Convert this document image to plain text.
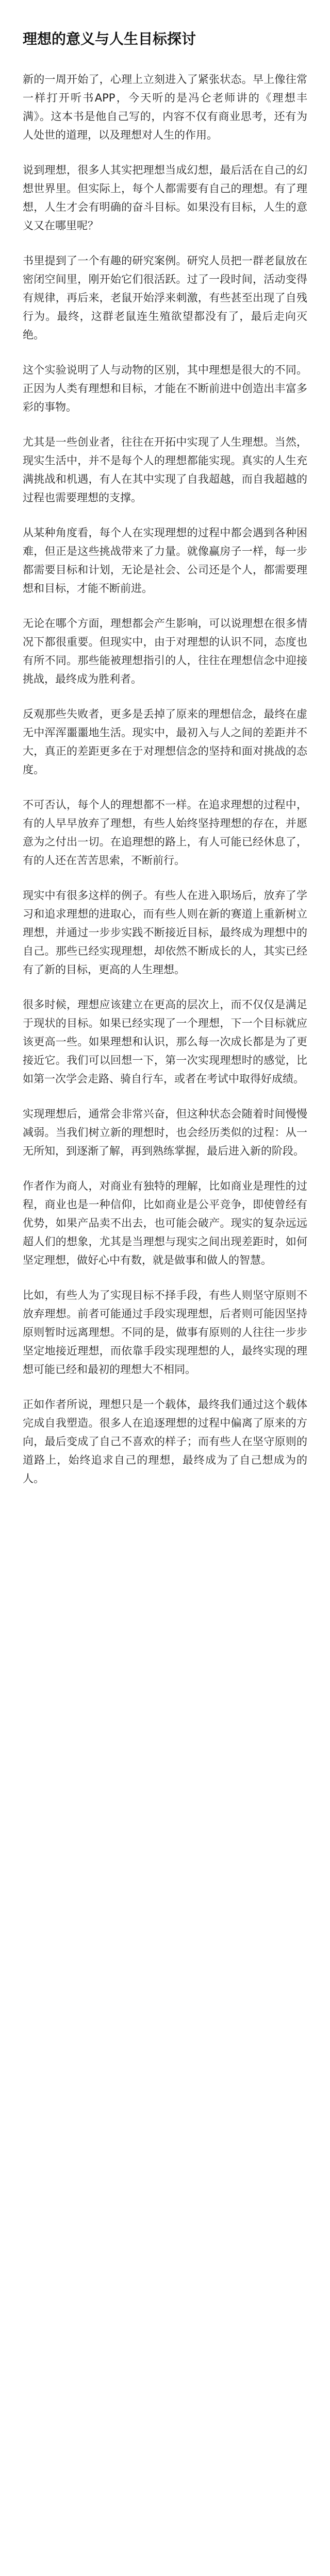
理想的意义与人生目标探讨

新的一周开始了，心理上立刻进入了紧张状态。早上像往常一样打开听书APP，今天听的是冯仑老师讲的《理想丰满》。这本书是他自己写的，内容不仅有商业思考，还有为人处世的道理，以及理想对人生的作用。

说到理想，很多人其实把理想当成幻想，最后活在自己的幻想世界里。但实际上，每个人都需要有自己的理想。有了理想，人生才会有明确的奋斗目标。如果没有目标，人生的意义又在哪里呢？

书里提到了一个有趣的研究案例。研究人员把一群老鼠放在密闭空间里，刚开始它们很活跃。过了一段时间，活动变得有规律，再后来，老鼠开始浮来刺激，有些甚至出现了自残行为。最终，这群老鼠连生殖欲望都没有了，最后走向灭绝。

这个实验说明了人与动物的区别，其中理想是很大的不同。正因为人类有理想和目标，才能在不断前进中创造出丰富多彩的事物。

尤其是一些创业者，往往在开拓中实现了人生理想。当然，现实生活中，并不是每个人的理想都能实现。真实的人生充满挑战和机遇，有人在其中实现了自我超越，而自我超越的过程也需要理想的支撑。

从某种角度看，每个人在实现理想的过程中都会遇到各种困难，但正是这些挑战带来了力量。就像赢房子一样，每一步都需要目标和计划，无论是社会、公司还是个人，都需要理想和目标，才能不断前进。

无论在哪个方面，理想都会产生影响，可以说理想在很多情况下都很重要。但现实中，由于对理想的认识不同，态度也有所不同。那些能被理想指引的人，往往在理想信念中迎接挑战，最终成为胜利者。

反观那些失败者，更多是丢掉了原来的理想信念，最终在虚无中浑浑噩噩地生活。现实中，最初入与人之间的差距并不大，真正的差距更多在于对理想信念的坚持和面对挑战的态度。

不可否认，每个人的理想都不一样。在追求理想的过程中，有的人早早放弃了理想，有些人始终坚持理想的存在，并愿意为之付出一切。在追理想的路上，有人可能已经休息了，有的人还在苦苦思索，不断前行。

现实中有很多这样的例子。有些人在进入职场后，放弃了学习和追求理想的进取心，而有些人则在新的赛道上重新树立理想，并通过一步步实践不断接近目标，最终成为理想中的自己。那些已经实现理想，却依然不断成长的人，其实已经有了新的目标，更高的人生理想。

很多时候，理想应该建立在更高的层次上，而不仅仅是满足于现状的目标。如果已经实现了一个理想，下一个目标就应该更高一些。如果理想和认识，那么每一次成长都是为了更接近它。我们可以回想一下，第一次实现理想时的感觉，比如第一次学会走路、骑自行车，或者在考试中取得好成绩。

实现理想后，通常会非常兴奋，但这种状态会随着时间慢慢减弱。当我们树立新的理想时，也会经历类似的过程：从一无所知，到逐渐了解，再到熟练掌握，最后进入新的阶段。

作者作为商人，对商业有独特的理解，比如商业是理性的过程，商业也是一种信仰，比如商业是公平竞争，即使曾经有优势，如果产品卖不出去，也可能会破产。现实的复杂远远超人们的想象，尤其是当理想与现实之间出现差距时，如何坚定理想，做好心中有数，就是做事和做人的智慧。

比如，有些人为了实现目标不择手段，有些人则坚守原则不放弃理想。前者可能通过手段实现理想，后者则可能因坚持原则暂时远离理想。不同的是，做事有原则的人往往一步步坚定地接近理想，而依靠手段实现理想的人，最终实现的理想可能已经和最初的理想大不相同。

正如作者所说，理想只是一个载体，最终我们通过这个载体完成自我塑造。很多人在追逐理想的过程中偏离了原来的方向，最后变成了自己不喜欢的样子；而有些人在坚守原则的道路上，始终追求自己的理想，最终成为了自己想成为的人。
